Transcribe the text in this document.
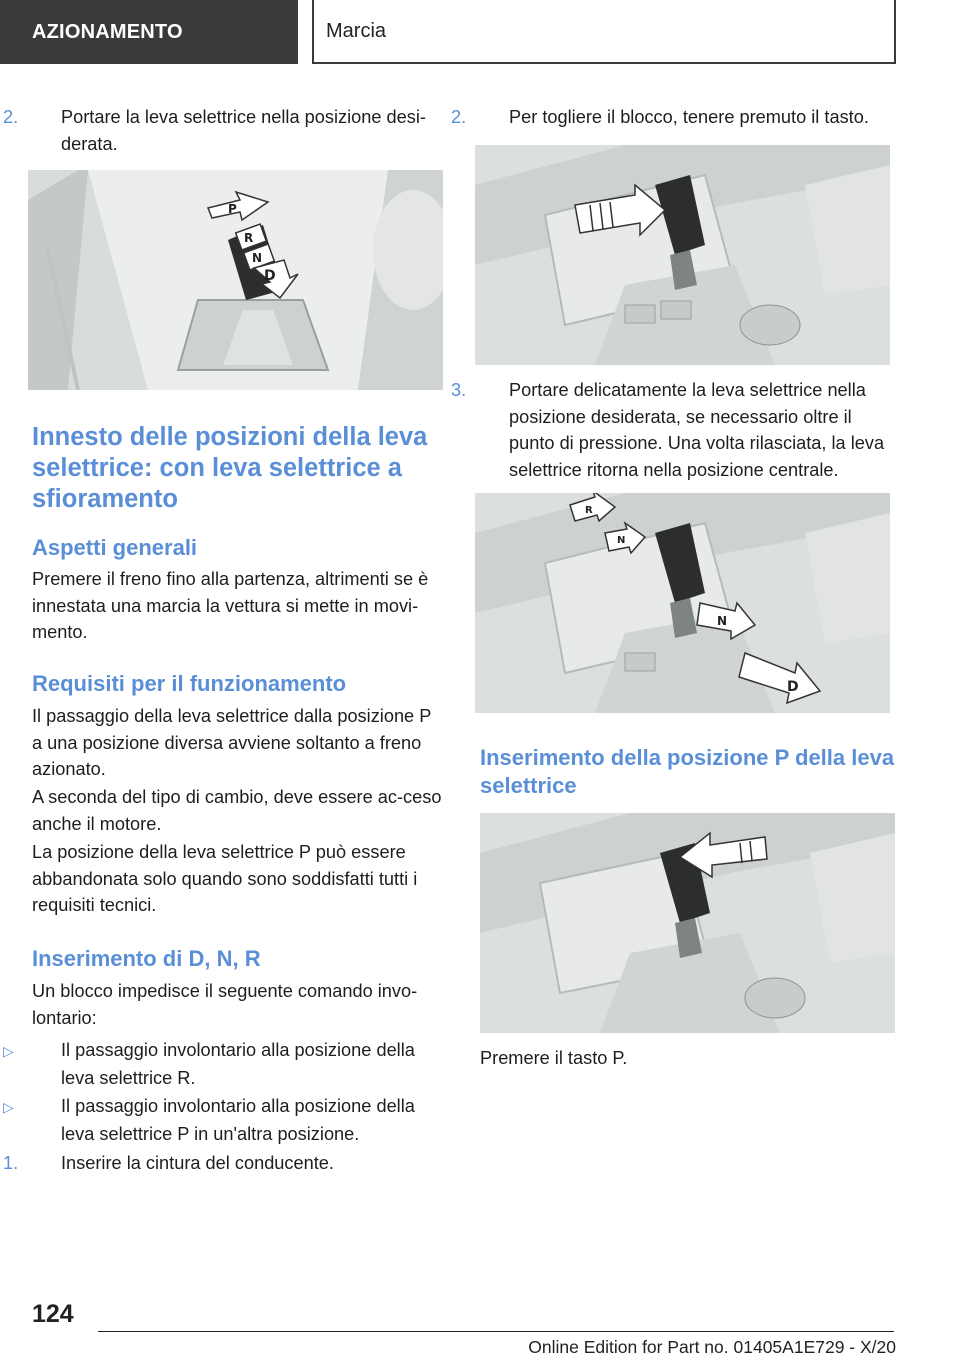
AZIONAMENTO	Marcia
2. Portare la leva selettrice nella posizione desi-derata.
P
R
N
D
Innesto delle posizioni della leva selettrice: con leva selettrice a sfioramento
Aspetti generali
Premere il freno fino alla partenza, altrimenti se è innestata una marcia la vettura si mette in movi-mento.
Requisiti per il funzionamento
Il passaggio della leva selettrice dalla posizione P a una posizione diversa avviene soltanto a freno azionato.
A seconda del tipo di cambio, deve essere ac-ceso anche il motore.
La posizione della leva selettrice P può essere abbandonata solo quando sono soddisfatti tutti i requisiti tecnici.
Inserimento di D, N, R
Un blocco impedisce il seguente comando invo-lontario:
▷	Il passaggio involontario alla posizione della leva selettrice R.
▷	Il passaggio involontario alla posizione della leva selettrice P in un'altra posizione.
1. Inserire la cintura del conducente.
2. Per togliere il blocco, tenere premuto il tasto.
3. Portare delicatamente la leva selettrice nella posizione desiderata, se necessario oltre il punto di pressione. Una volta rilasciata, la leva selettrice ritorna nella posizione centrale.
R
N
N
D
Inserimento della posizione P della leva selettrice
Premere il tasto P.
124
Online Edition for Part no. 01405A1E729 - X/20
